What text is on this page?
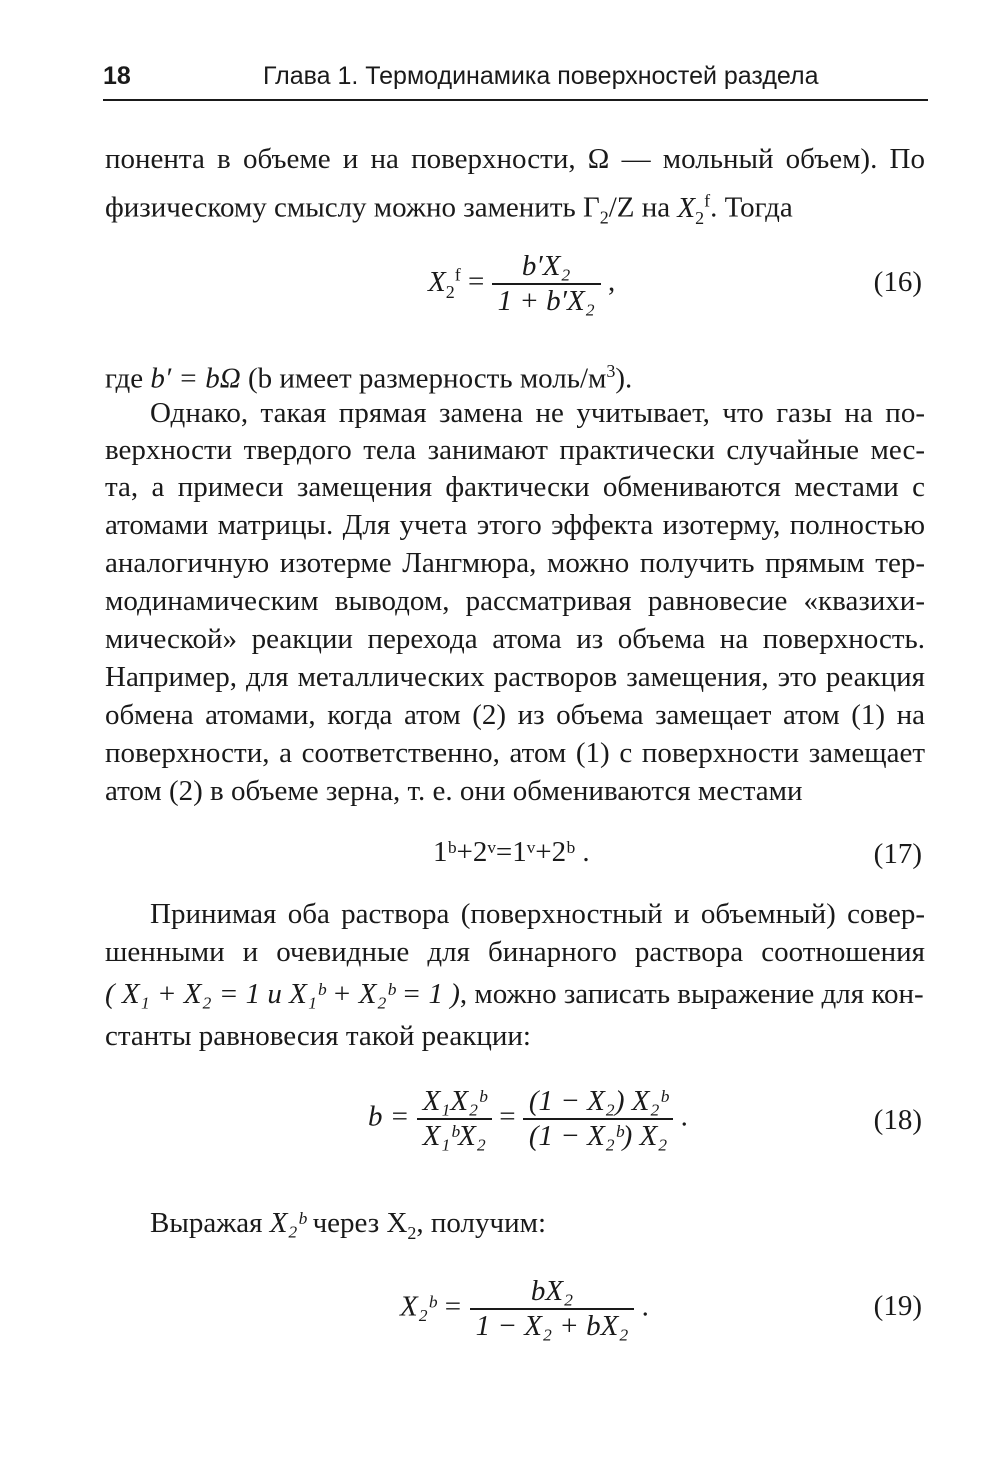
18	Глава 1. Термодинамика поверхностей раздела
понента в объеме и на поверхности, Ω — мольный объем). По
физическому смыслу можно заменить $Г_2/Z$ на $X_2^f$. Тогда
$X_2^f = \frac{\text{b′X₂}}{\text{1 + b′X₂}}$ ,	(16)
где b′ = bΩ (b имеет размерность моль/$м^3$).
Однако, такая прямая замена не учитывает, что газы на по-
верхности твердого тела занимают практически случайные мес-
та, а примеси замещения фактически обмениваются местами с
атомами матрицы. Для учета этого эффекта изотерму, полностью
аналогичную изотерме Лангмюра, можно получить прямым тер-
модинамическим выводом, рассматривая равновесие «квазихи-
мической» реакции перехода атома из объема на поверхность.
Например, для металлических растворов замещения, это реакция
обмена атомами, когда атом (2) из объема замещает атом (1) на
поверхности, а соответственно, атом (1) с поверхности замещает
атом (2) в объеме зерна, т. е. они обмениваются местами
1ᵇ+2ᵛ=1ᵛ+2ᵇ .	(17)
Принимая оба раствора (поверхностный и объемный) совер-
шенными и очевидные для бинарного раствора соотношения
( X₁ + X₂ = 1 и X₁ᵇ + X₂ᵇ = 1 ), можно записать выражение для кон-
станты равновесия такой реакции:
$b = \frac{\text{X₁X₂ᵇ}}{\text{X₁ᵇX₂}} = \frac{\text{(1 − X₂) X₂ᵇ}}{\text{(1 − X₂ᵇ) X₂}}$ .	(18)
Выражая X₂ᵇ через $X_2$, получим:
X₂ᵇ = $\frac{\text{bX₂}}{\text{1 − X₂ + bX₂}}$ .	(19)
